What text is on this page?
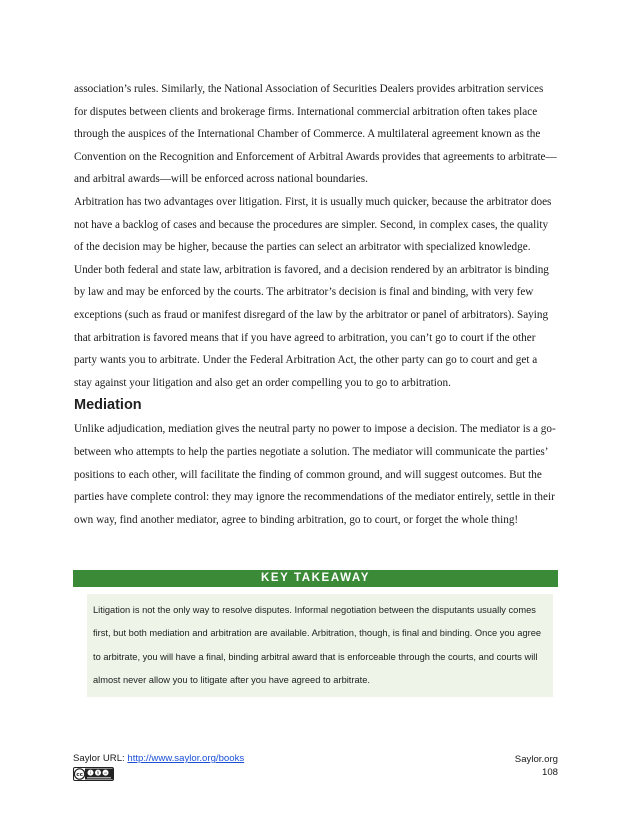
association’s rules. Similarly, the National Association of Securities Dealers provides arbitration services for disputes between clients and brokerage firms. International commercial arbitration often takes place through the auspices of the International Chamber of Commerce. A multilateral agreement known as the Convention on the Recognition and Enforcement of Arbitral Awards provides that agreements to arbitrate—and arbitral awards—will be enforced across national boundaries.

Arbitration has two advantages over litigation. First, it is usually much quicker, because the arbitrator does not have a backlog of cases and because the procedures are simpler. Second, in complex cases, the quality of the decision may be higher, because the parties can select an arbitrator with specialized knowledge.

Under both federal and state law, arbitration is favored, and a decision rendered by an arbitrator is binding by law and may be enforced by the courts. The arbitrator’s decision is final and binding, with very few exceptions (such as fraud or manifest disregard of the law by the arbitrator or panel of arbitrators). Saying that arbitration is favored means that if you have agreed to arbitration, you can’t go to court if the other party wants you to arbitrate. Under the Federal Arbitration Act, the other party can go to court and get a stay against your litigation and also get an order compelling you to go to arbitration.

Mediation

Unlike adjudication, mediation gives the neutral party no power to impose a decision. The mediator is a go-between who attempts to help the parties negotiate a solution. The mediator will communicate the parties’ positions to each other, will facilitate the finding of common ground, and will suggest outcomes. But the parties have complete control: they may ignore the recommendations of the mediator entirely, settle in their own way, find another mediator, agree to binding arbitration, go to court, or forget the whole thing!

KEY TAKEAWAY
Litigation is not the only way to resolve disputes. Informal negotiation between the disputants usually comes first, but both mediation and arbitration are available. Arbitration, though, is final and binding. Once you agree to arbitrate, you will have a final, binding arbitral award that is enforceable through the courts, and courts will almost never allow you to litigate after you have agreed to arbitrate.
Saylor URL: http://www.saylor.org/books	Saylor.org
108
cc i $ =
